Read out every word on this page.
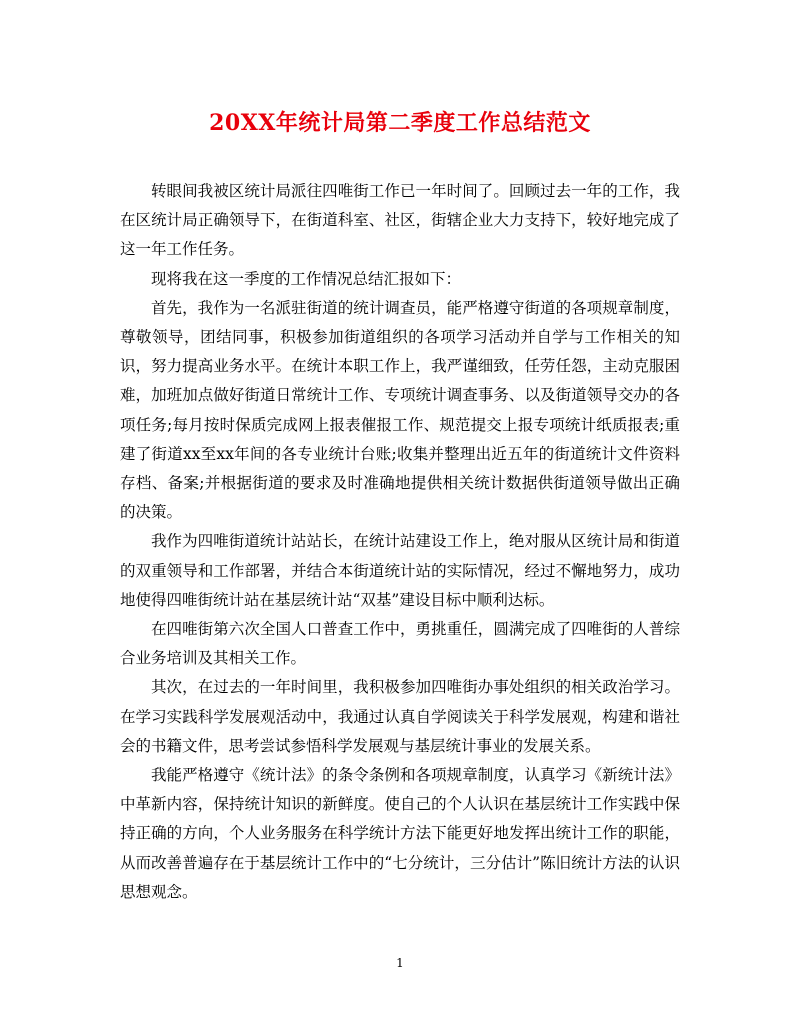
20XX年统计局第二季度工作总结范文

转眼间我被区统计局派往四唯街工作已一年时间了。回顾过去一年的工作，我在区统计局正确领导下，在街道科室、社区，街辖企业大力支持下，较好地完成了这一年工作任务。

现将我在这一季度的工作情况总结汇报如下：

首先，我作为一名派驻街道的统计调查员，能严格遵守街道的各项规章制度，尊敬领导，团结同事，积极参加街道组织的各项学习活动并自学与工作相关的知识，努力提高业务水平。在统计本职工作上，我严谨细致，任劳任怨，主动克服困难，加班加点做好街道日常统计工作、专项统计调查事务、以及街道领导交办的各项任务;每月按时保质完成网上报表催报工作、规范提交上报专项统计纸质报表;重建了街道xx至xx年间的各专业统计台账;收集并整理出近五年的街道统计文件资料存档、备案;并根据街道的要求及时准确地提供相关统计数据供街道领导做出正确的决策。

我作为四唯街道统计站站长，在统计站建设工作上，绝对服从区统计局和街道的双重领导和工作部署，并结合本街道统计站的实际情况，经过不懈地努力，成功地使得四唯街统计站在基层统计站“双基”建设目标中顺利达标。

在四唯街第六次全国人口普查工作中，勇挑重任，圆满完成了四唯街的人普综合业务培训及其相关工作。

其次，在过去的一年时间里，我积极参加四唯街办事处组织的相关政治学习。在学习实践科学发展观活动中，我通过认真自学阅读关于科学发展观，构建和谐社会的书籍文件，思考尝试参悟科学发展观与基层统计事业的发展关系。

我能严格遵守《统计法》的条令条例和各项规章制度，认真学习《新统计法》中革新内容，保持统计知识的新鲜度。使自己的个人认识在基层统计工作实践中保持正确的方向，个人业务服务在科学统计方法下能更好地发挥出统计工作的职能，从而改善普遍存在于基层统计工作中的“七分统计，三分估计”陈旧统计方法的认识思想观念。

1
